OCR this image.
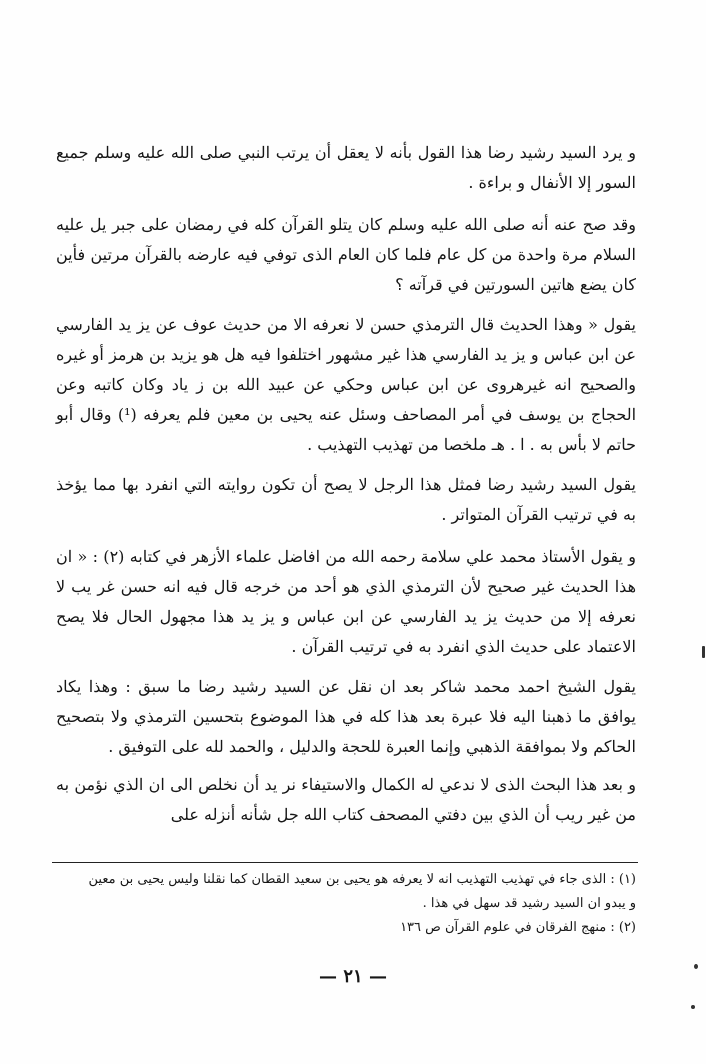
و يرد السيد رشيد رضا هذا القول بأنه لا يعقل أن يرتب النبي صلى الله عليه وسلم جميع السور إلا الأنفال و براءة .

وقد صح عنه أنه صلى الله عليه وسلم كان يتلو القرآن كله في رمضان على جبر يل عليه السلام مرة واحدة من كل عام فلما كان العام الذى توفي فيه عارضه بالقرآن مرتين فأين كان يضع هاتين السورتين في قرآته ؟

يقول « وهذا الحديث قال الترمذي حسن لا نعرفه الا من حديث عوف عن يز يد الفارسي عن ابن عباس و يز يد الفارسي هذا غير مشهور اختلفوا فيه هل هو يزيد بن هرمز أو غيره والصحيح انه غيرهروى عن ابن عباس وحكي عن عبيد الله بن ز ياد وكان كاتبه وعن الحجاج بن يوسف في أمر المصاحف وسئل عنه يحيى بن معين فلم يعرفه (¹) وقال أبو حاتم لا بأس به . ا . هـ ملخصا من تهذيب التهذيب .

يقول السيد رشيد رضا فمثل هذا الرجل لا يصح أن تكون روايته التي انفرد بها مما يؤخذ به في ترتيب القرآن المتواتر .

و يقول الأستاذ محمد علي سلامة رحمه الله من افاضل علماء الأزهر في كتابه (٢) : « ان هذا الحديث غير صحيح لأن الترمذي الذي هو أحد من خرجه قال فيه انه حسن غر يب لا نعرفه إلا من حديث يز يد الفارسي عن ابن عباس و يز يد هذا مجهول الحال فلا يصح الاعتماد على حديث الذي انفرد به في ترتيب القرآن .

يقول الشيخ احمد محمد شاكر بعد ان نقل عن السيد رشيد رضا ما سبق : وهذا يكاد يوافق ما ذهبنا اليه فلا عبرة بعد هذا كله في هذا الموضوع بتحسين الترمذي ولا بتصحيح الحاكم ولا بموافقة الذهبي وإنما العبرة للحجة والدليل ، والحمد لله على التوفيق .

و بعد هذا البحث الذى لا ندعي له الكمال والاستيفاء نر يد أن نخلص الى ان الذي نؤمن به من غير ريب أن الذي بين دفتي المصحف كتاب الله جل شأنه أنزله على

(١) : الذى جاء في تهذيب التهذيب انه لا يعرفه هو يحيى بن سعيد القطان كما نقلنا وليس يحيى بن معين

و يبدو ان السيد رشيد قد سهل في هذا .

(٢) : منهج الفرقان في علوم القرآن ص ١٣٦

— ٢١ —
